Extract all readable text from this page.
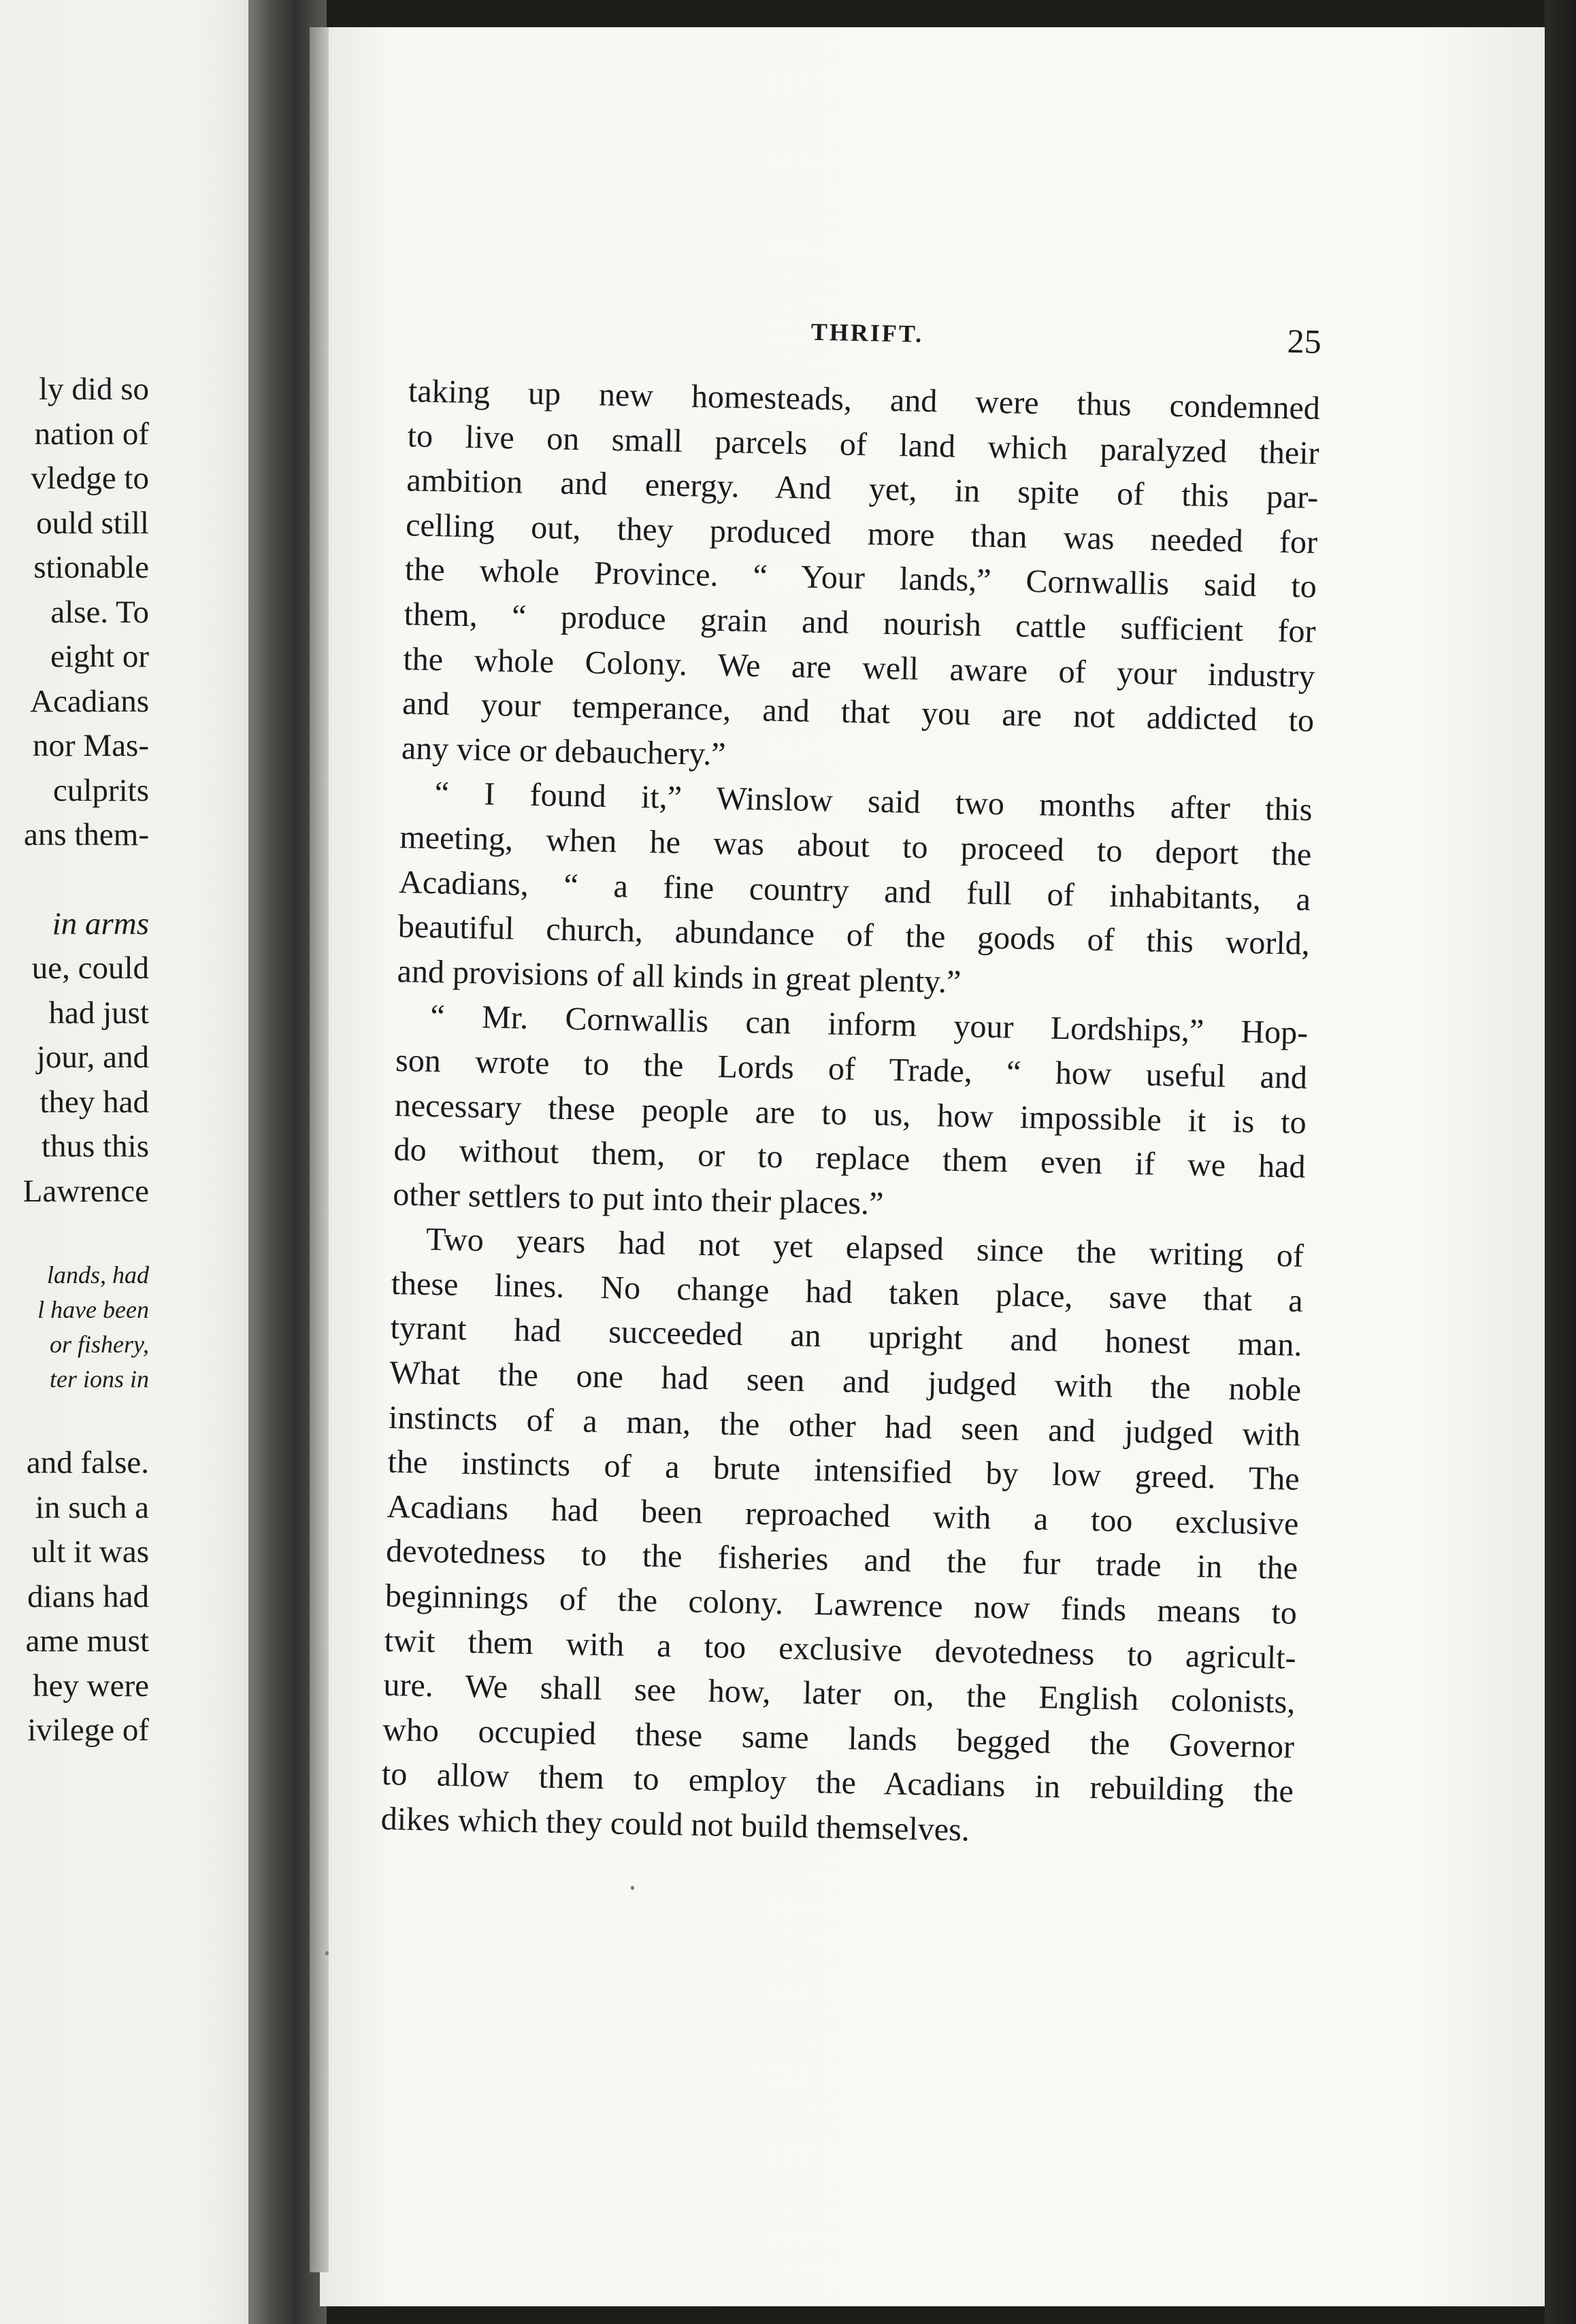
ly did so
nation of
vledge to
ould still
stionable
alse. To
eight or
Acadians
nor Mas-
culprits
ans them-
in arms
ue, could
had just
jour, and
they had
thus this
Lawrence
lands, had
l have been
or fishery,
ter ions in
and false.
in such a
ult it was
dians had
ame must
hey were
ivilege of
THRIFT.	25

taking up new homesteads, and were thus condemned
to live on small parcels of land which paralyzed their
ambition and energy. And yet, in spite of this par-
celling out, they produced more than was needed for
the whole Province. “ Your lands,” Cornwallis said to
them, “ produce grain and nourish cattle sufficient for
the whole Colony. We are well aware of your industry
and your temperance, and that you are not addicted to
any vice or debauchery.”

“ I found it,” Winslow said two months after this
meeting, when he was about to proceed to deport the
Acadians, “ a fine country and full of inhabitants, a
beautiful church, abundance of the goods of this world,
and provisions of all kinds in great plenty.”

“ Mr. Cornwallis can inform your Lordships,” Hop-
son wrote to the Lords of Trade, “ how useful and
necessary these people are to us, how impossible it is to
do without them, or to replace them even if we had
other settlers to put into their places.”

Two years had not yet elapsed since the writing of
these lines. No change had taken place, save that a
tyrant had succeeded an upright and honest man.
What the one had seen and judged with the noble
instincts of a man, the other had seen and judged with
the instincts of a brute intensified by low greed. The
Acadians had been reproached with a too exclusive
devotedness to the fisheries and the fur trade in the
beginnings of the colony. Lawrence now finds means to
twit them with a too exclusive devotedness to agricult-
ure. We shall see how, later on, the English colonists,
who occupied these same lands begged the Governor
to allow them to employ the Acadians in rebuilding the
dikes which they could not build themselves.
